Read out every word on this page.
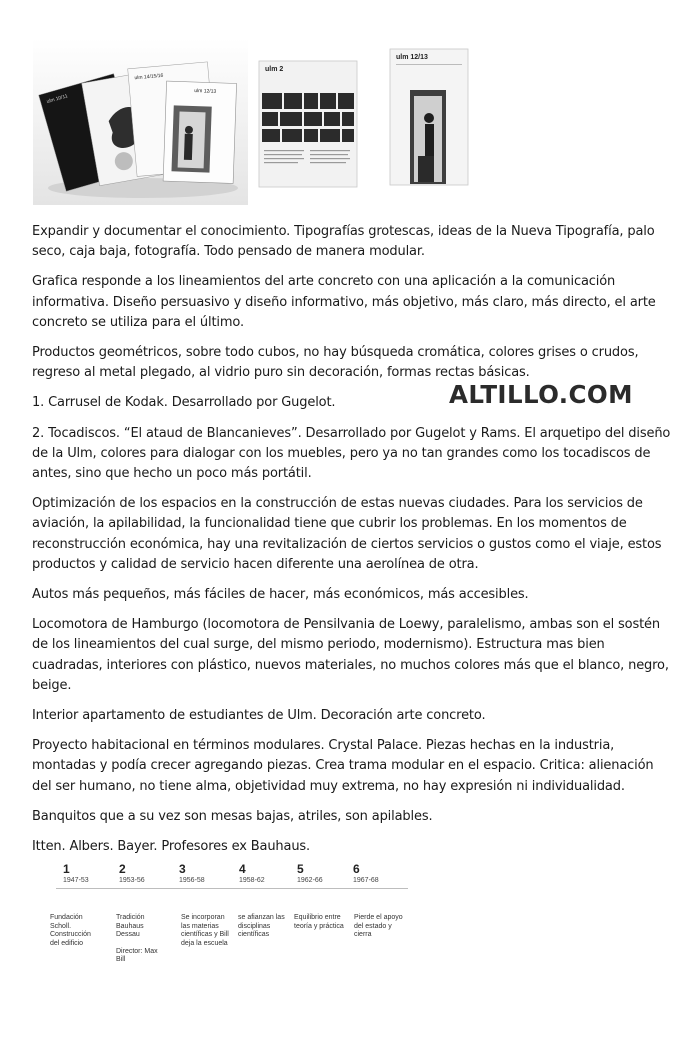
ulm 10/11
ulm 14/15/16
ulm 12/13
ulm 2
ulm 12/13

Expandir y documentar el conocimiento. Tipografías grotescas, ideas de la Nueva Tipografía, palo seco, caja baja, fotografía. Todo pensado de manera modular.

Grafica responde a los lineamientos del arte concreto con una aplicación a la comunicación informativa. Diseño persuasivo y diseño informativo, más objetivo, más claro, más directo, el arte concreto se utiliza para el último.

Productos geométricos, sobre todo cubos, no hay búsqueda cromática, colores grises o crudos, regreso al metal plegado, al vidrio puro sin decoración, formas rectas básicas.

1. Carrusel de Kodak. Desarrollado por Gugelot.

2. Tocadiscos. “El ataud de Blancanieves”. Desarrollado por Gugelot y Rams. El arquetipo del diseño de la Ulm, colores para dialogar con los muebles, pero ya no tan grandes como los tocadiscos de antes, sino que hecho un poco más portátil.

Optimización de los espacios en la construcción de estas nuevas ciudades. Para los servicios de aviación, la apilabilidad, la funcionalidad tiene que cubrir los problemas. En los momentos de reconstrucción económica, hay una revitalización de ciertos servicios o gustos como el viaje, estos productos y calidad de servicio hacen diferente una aerolínea de otra.

Autos más pequeños, más fáciles de hacer, más económicos, más accesibles.

Locomotora de Hamburgo (locomotora de Pensilvania de Loewy, paralelismo, ambas son el sostén de los lineamientos del cual surge, del mismo periodo, modernismo). Estructura mas bien cuadradas, interiores con plástico, nuevos materiales, no muchos colores más que el blanco, negro, beige.

Interior apartamento de estudiantes de Ulm. Decoración arte concreto.

Proyecto habitacional en términos modulares. Crystal Palace. Piezas hechas en la industria, montadas y podía crecer agregando piezas. Crea trama modular en el espacio. Critica: alienación del ser humano, no tiene alma, objetividad muy extrema, no hay expresión ni individualidad.

Banquitos que a su vez son mesas bajas, atriles, son apilables.

Itten. Albers. Bayer. Profesores ex Bauhaus.

ALTILLO.COM
1
1947-53
2
1953-56
3
1956-58
4
1958-62
5
1962-66
6
1967-68
Fundación Scholl. Construcción del edificio
Tradición Bauhaus Dessau
Director: Max Bill
Se incorporan las materias científicas y Bill deja la escuela
se afianzan las disciplinas científicas
Equilibrio entre teoría y práctica
Pierde el apoyo del estado y cierra
